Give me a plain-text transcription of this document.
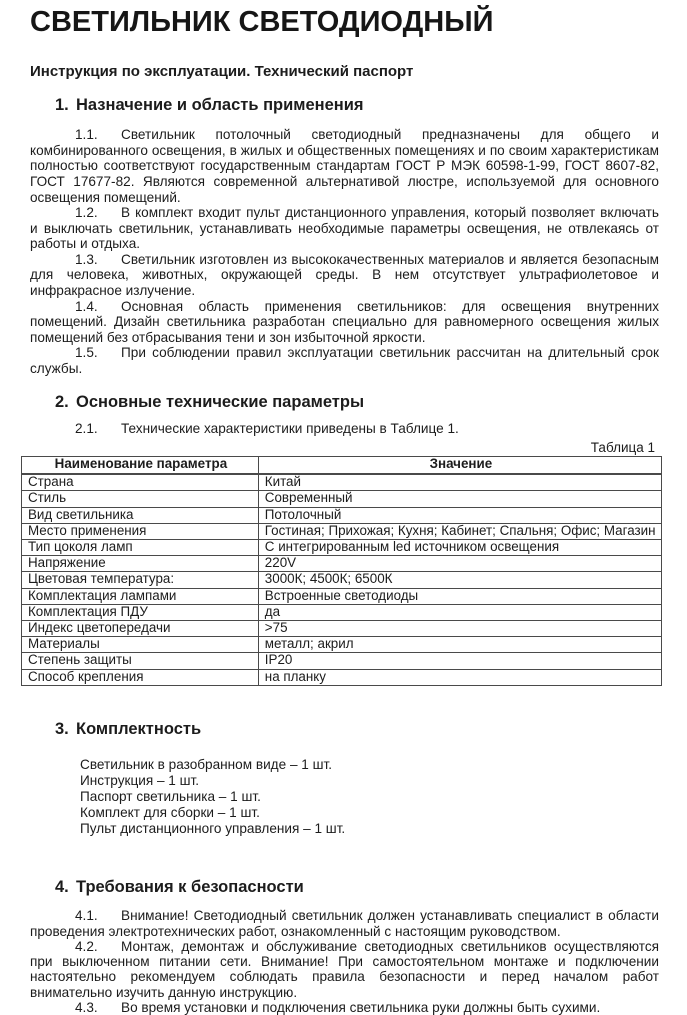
СВЕТИЛЬНИК СВЕТОДИОДНЫЙ

Инструкция по эксплуатации. Технический паспорт

1. Назначение и область применения

1.1. Светильник потолочный светодиодный предназначены для общего и комбинированного освещения, в жилых и общественных помещениях и по своим характеристикам полностью соответствуют государственным стандартам ГОСТ Р МЭК 60598-1-99, ГОСТ 8607-82, ГОСТ 17677-82. Являются современной альтернативой люстре, используемой для основного освещения помещений.

1.2. В комплект входит пульт дистанционного управления, который позволяет включать и выключать светильник, устанавливать необходимые параметры освещения, не отвлекаясь от работы и отдыха.

1.3. Светильник изготовлен из высококачественных материалов и является безопасным для человека, животных, окружающей среды. В нем отсутствует ультрафиолетовое и инфракрасное излучение.

1.4. Основная область применения светильников: для освещения внутренних помещений. Дизайн светильника разработан специально для равномерного освещения жилых помещений без отбрасывания тени и зон избыточной яркости.

1.5. При соблюдении правил эксплуатации светильник рассчитан на длительный срок службы.

2. Основные технические параметры

2.1. Технические характеристики приведены в Таблице 1.

Таблица 1
Наименование параметра	Значение
Страна	Китай
Стиль	Современный
Вид светильника	Потолочный
Место применения	Гостиная; Прихожая; Кухня; Кабинет; Спальня; Офис; Магазин
Тип цоколя ламп	С интегрированным led источником освещения
Напряжение	220V
Цветовая температура:	3000К; 4500К; 6500К
Комплектация лампами	Встроенные светодиоды
Комплектация ПДУ	да
Индекс цветопередачи	>75
Материалы	металл; акрил
Степень защиты	IP20
Способ крепления	на планку
3. Комплектность
Светильник в разобранном виде – 1 шт.
Инструкция – 1 шт.
Паспорт светильника – 1 шт.
Комплект для сборки – 1 шт.
Пульт дистанционного управления – 1 шт.
4. Требования к безопасности

4.1. Внимание! Светодиодный светильник должен устанавливать специалист в области проведения электротехнических работ, ознакомленный с настоящим руководством.

4.2. Монтаж, демонтаж и обслуживание светодиодных светильников осуществляются при выключенном питании сети. Внимание! При самостоятельном монтаже и подключении настоятельно рекомендуем соблюдать правила безопасности и перед началом работ внимательно изучить данную инструкцию.

4.3. Во время установки и подключения светильника руки должны быть сухими.
